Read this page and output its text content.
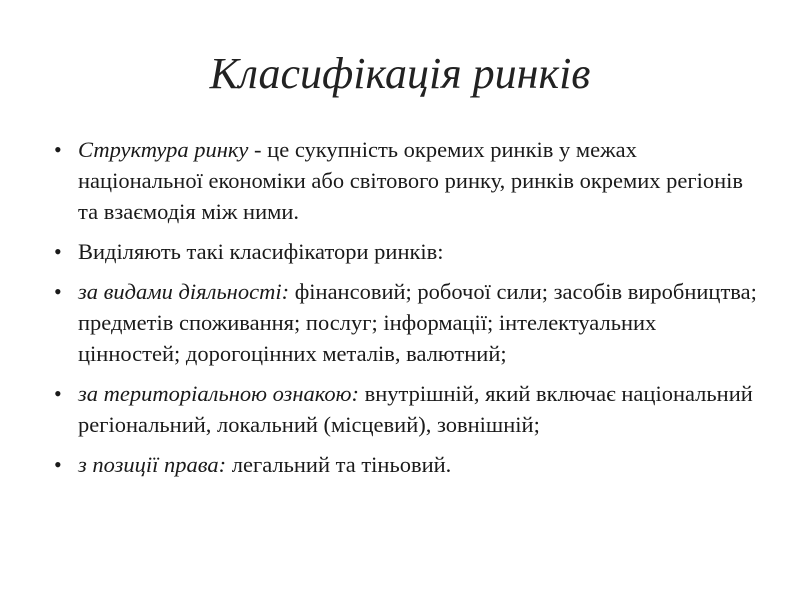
Класифікація ринків
• Структура ринку - це сукупність окремих ринків у межах національної економіки або світового ринку, ринків окремих регіонів та взаємодія між ними.
• Виділяють такі класифікатори ринків:
• за видами діяльності: фінансовий; робочої сили; засобів виробництва; предметів споживання; послуг; інформації; інтелектуальних цінностей; дорогоцінних металів, валютний;
• за територіальною ознакою: внутрішній, який включає національний регіональний, локальний (місцевий), зовнішній;
• з позиції права: легальний та тіньовий.
